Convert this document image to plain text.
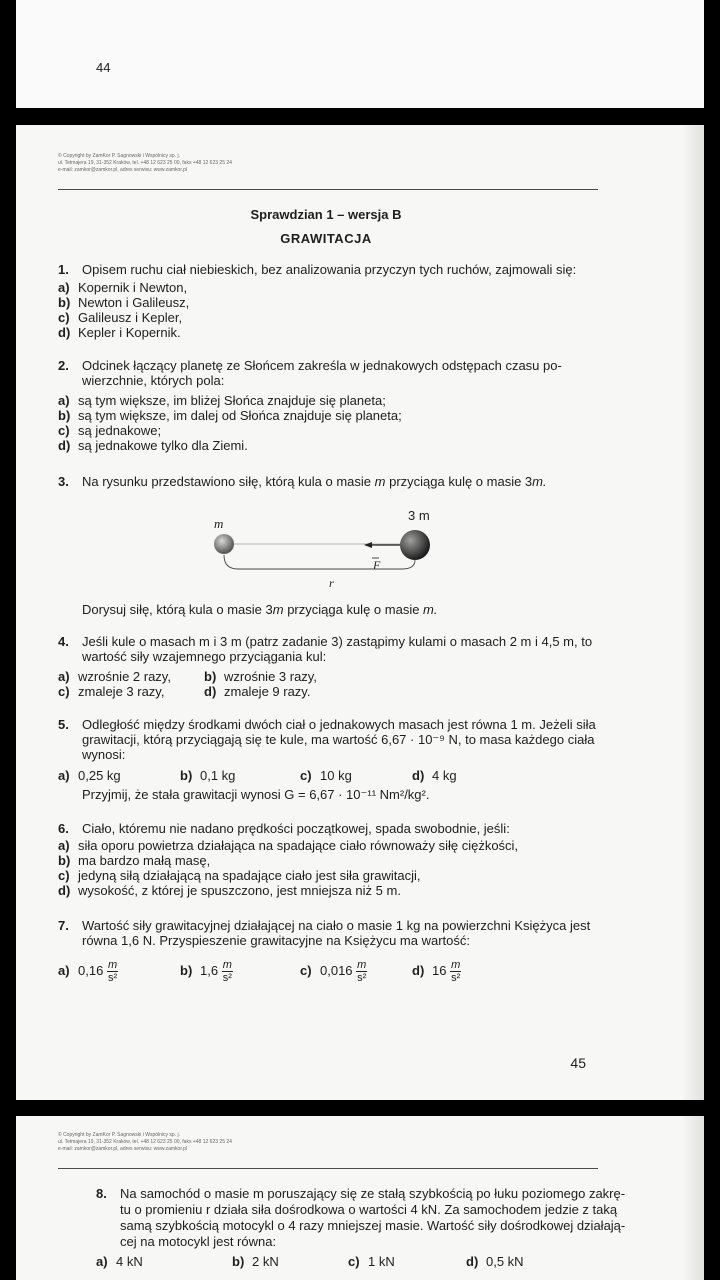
44
© Copyright by ZamKor P. Sagnowski i Wspólnicy sp. j.
ul. Tetmajera 19, 31-352 Kraków, tel. +48 12 623 25 00, faks +48 12 623 25 24
e-mail: zamkor@zamkor.pl, adres serwisu: www.zamkor.pl
Sprawdzian 1 – wersja B
GRAWITACJA
1. Opisem ruchu ciał niebieskich, bez analizowania przyczyn tych ruchów, zajmowali się:
a) Kopernik i Newton,
b) Newton i Galileusz,
c) Galileusz i Kepler,
d) Kepler i Kopernik.
2. Odcinek łączący planetę ze Słońcem zakreśla w jednakowych odstępach czasu po-
wierzchnie, których pola:
a) są tym większe, im bliżej Słońca znajduje się planeta;
b) są tym większe, im dalej od Słońca znajduje się planeta;
c) są jednakowe;
d) są jednakowe tylko dla Ziemi.
3. Na rysunku przedstawiono siłę, którą kula o masie m przyciąga kulę o masie 3m.
m
3 m
F
r
Dorysuj siłę, którą kula o masie 3m przyciąga kulę o masie m.
4. Jeśli kule o masach m i 3 m (patrz zadanie 3) zastąpimy kulami o masach 2 m i 4,5 m, to
wartość siły wzajemnego przyciągania kul:
a) wzrośnie 2 razy,	b) wzrośnie 3 razy,
c) zmaleje 3 razy,	d) zmaleje 9 razy.
5. Odległość między środkami dwóch ciał o jednakowych masach jest równa 1 m. Jeżeli siła
grawitacji, którą przyciągają się te kule, ma wartość 6,67 · 10⁻⁹ N, to masa każdego ciała
wynosi:
a) 0,25 kg	b) 0,1 kg	c) 10 kg	d) 4 kg
Przyjmij, że stała grawitacji wynosi G = 6,67 · 10⁻¹¹ Nm²/kg².
6. Ciało, któremu nie nadano prędkości początkowej, spada swobodnie, jeśli:
a) siła oporu powietrza działająca na spadające ciało równoważy siłę ciężkości,
b) ma bardzo małą masę,
c) jedyną siłą działającą na spadające ciało jest siła grawitacji,
d) wysokość, z której je spuszczono, jest mniejsza niż 5 m.
7. Wartość siły grawitacyjnej działającej na ciało o masie 1 kg na powierzchni Księżyca jest
równa 1,6 N. Przyspieszenie grawitacyjne na Księżycu ma wartość:
a) $0,16 \frac{m}{\text{s²}}$	b) $1,6 \frac{m}{\text{s²}}$	c) $0,016 \frac{m}{\text{s²}}$	d) $16 \frac{m}{\text{s²}}$
45
© Copyright by ZamKor P. Sagnowski i Wspólnicy sp. j.
ul. Tetmajera 19, 31-352 Kraków, tel. +48 12 623 25 00, faks +48 12 623 25 24
e-mail: zamkor@zamkor.pl, adres serwisu: www.zamkor.pl
8. Na samochód o masie m poruszający się ze stałą szybkością po łuku poziomego zakrę-
tu o promieniu r działa siła dośrodkowa o wartości 4 kN. Za samochodem jedzie z taką
samą szybkością motocykl o 4 razy mniejszej masie. Wartość siły dośrodkowej działają-
cej na motocykl jest równa:
a) 4 kN	b) 2 kN	c) 1 kN	d) 0,5 kN
